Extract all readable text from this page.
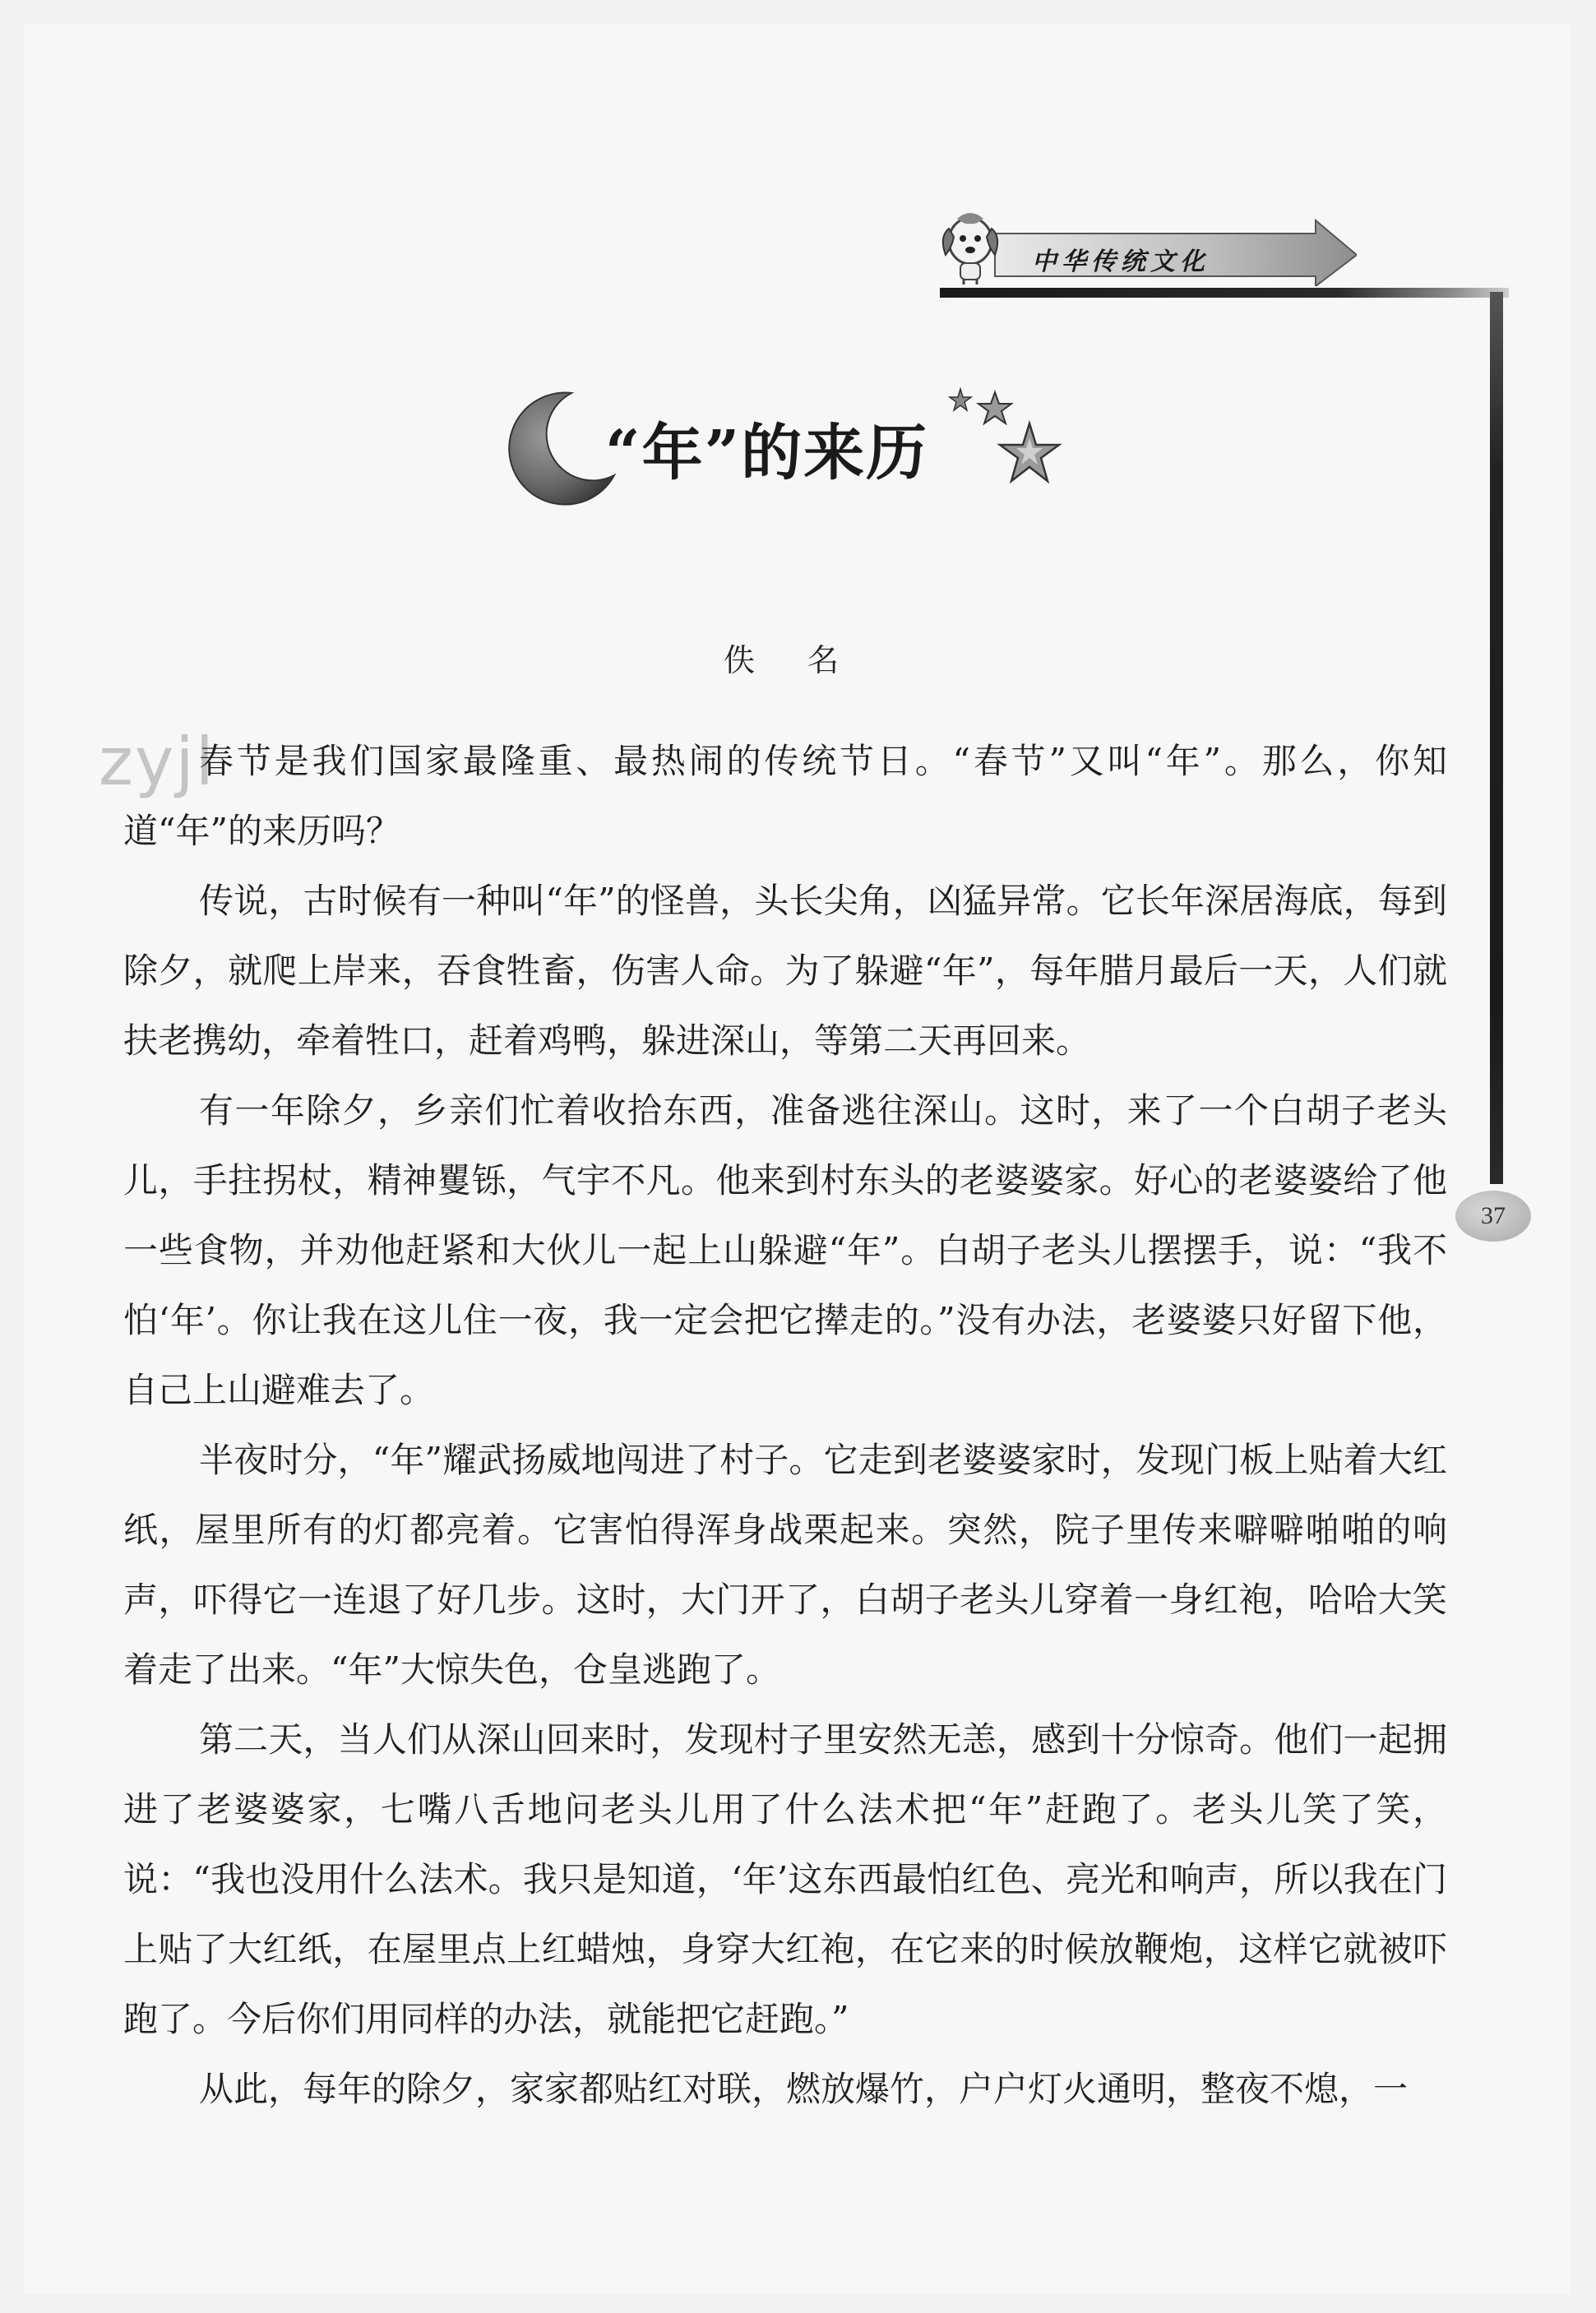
中华传统文化
“年”的来历
佚名
zyjl

春节是我们国家最隆重、最热闹的传统节日。“春节”又叫“年”。那么，你知道“年”的来历吗？

传说，古时候有一种叫“年”的怪兽，头长尖角，凶猛异常。它长年深居海底，每到除夕，就爬上岸来，吞食牲畜，伤害人命。为了躲避“年”，每年腊月最后一天，人们就扶老携幼，牵着牲口，赶着鸡鸭，躲进深山，等第二天再回来。

有一年除夕，乡亲们忙着收拾东西，准备逃往深山。这时，来了一个白胡子老头儿，手拄拐杖，精神矍铄，气宇不凡。他来到村东头的老婆婆家。好心的老婆婆给了他一些食物，并劝他赶紧和大伙儿一起上山躲避“年”。白胡子老头儿摆摆手，说：“我不怕‘年’。你让我在这儿住一夜，我一定会把它撵走的。”没有办法，老婆婆只好留下他，自己上山避难去了。

半夜时分，“年”耀武扬威地闯进了村子。它走到老婆婆家时，发现门板上贴着大红纸，屋里所有的灯都亮着。它害怕得浑身战栗起来。突然，院子里传来噼噼啪啪的响声，吓得它一连退了好几步。这时，大门开了，白胡子老头儿穿着一身红袍，哈哈大笑着走了出来。“年”大惊失色，仓皇逃跑了。

第二天，当人们从深山回来时，发现村子里安然无恙，感到十分惊奇。他们一起拥进了老婆婆家，七嘴八舌地问老头儿用了什么法术把“年”赶跑了。老头儿笑了笑，说：“我也没用什么法术。我只是知道，‘年’这东西最怕红色、亮光和响声，所以我在门上贴了大红纸，在屋里点上红蜡烛，身穿大红袍，在它来的时候放鞭炮，这样它就被吓跑了。今后你们用同样的办法，就能把它赶跑。”

从此，每年的除夕，家家都贴红对联，燃放爆竹，户户灯火通明，整夜不熄，一

37
